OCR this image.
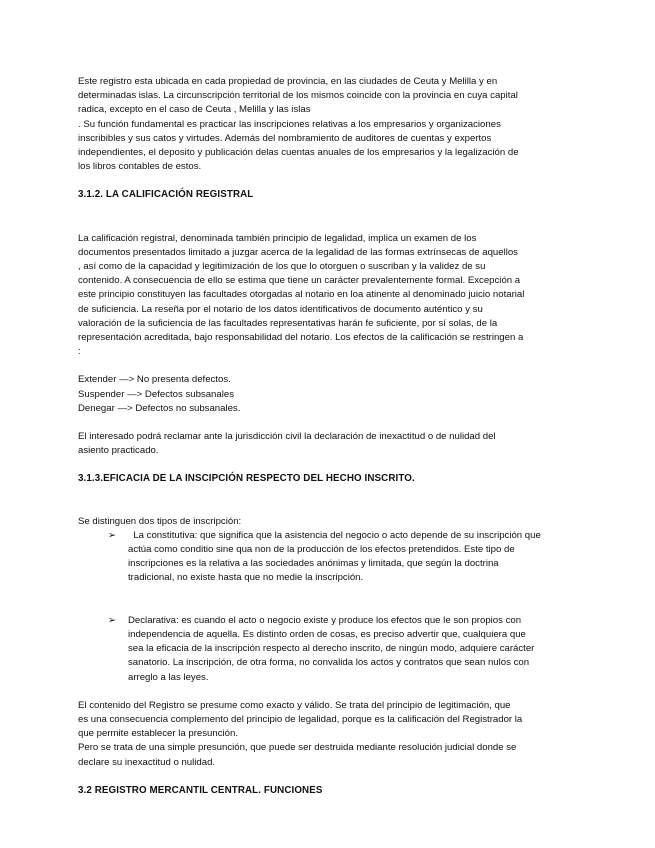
Este registro esta ubicada en cada propiedad de provincia, en las ciudades de Ceuta y Melilla y en
determinadas islas. La circunscripción territorial de los mismos coincide con la provincia en cuya capital
radica, excepto en el caso de Ceuta , Melilla y las islas
. Su función fundamental es practicar las inscripciones relativas a los empresarios y organizaciones
inscribibles y sus catos y virtudes. Además del nombramiento de auditores de cuentas y expertos
independientes, el deposito y publicación delas cuentas anuales de los empresarios y la legalización de
los libros contables de estos.

3.1.2. LA CALIFICACIÓN REGISTRAL

La calificación registral, denominada también principio de legalidad, implica un examen de los
documentos presentados limitado a juzgar acerca de la legalidad de las formas extrínsecas de aquellos
, así como de la capacidad y legitimización de los que lo otorguen o suscriban y la validez de su
contenido. A consecuencia de ello se estima que tiene un carácter prevalentemente formal. Excepción a
este principio constituyen las facultades otorgadas al notario en loa atinente al denominado juicio notarial
de suficiencia. La reseña por el notario de los datos identificativos de documento auténtico y su
valoración de la suficiencia de las facultades representativas harán fe suficiente, por sí solas, de la
representación acreditada, bajo responsabilidad del notario. Los efectos de la calificación se restringen a
:

Extender —> No presenta defectos.
Suspender —> Defectos subsanales
Denegar —> Defectos no subsanales.

El interesado podrá reclamar ante la jurisdicción civil la declaración de inexactitud o de nulidad del
asiento practicado.

3.1.3.EFICACIA DE LA INSCIPCIÓN RESPECTO DEL HECHO INSCRITO.

Se distinguen dos tipos de inscripción:

➢ La constitutiva: que significa que la asistencia del negocio o acto depende de su inscripción que
actúa como conditio sine qua non de la producción de los efectos pretendidos. Este tipo de
inscripciones es la relativa a las sociedades anónimas y limitada, que según la doctrina
tradicional, no existe hasta que no medie la inscripción.
➢ Declarativa: es cuando el acto o negocio existe y produce los efectos que le son propios con
independencia de aquella. Es distinto orden de cosas, es preciso advertir que, cualquiera que
sea la eficacia de la inscripción respecto al derecho inscrito, de ningún modo, adquiere carácter
sanatorio. La inscripción, de otra forma, no convalida los actos y contratos que sean nulos con
arreglo a las leyes.

El contenido del Registro se presume como exacto y válido. Se trata del principio de legitimación, que
es una consecuencia complemento del principio de legalidad, porque es la calificación del Registrador la
que permite establecer la presunción.
Pero se trata de una simple presunción, que puede ser destruida mediante resolución judicial donde se
declare su inexactitud o nulidad.

3.2 REGISTRO MERCANTIL CENTRAL. FUNCIONES
